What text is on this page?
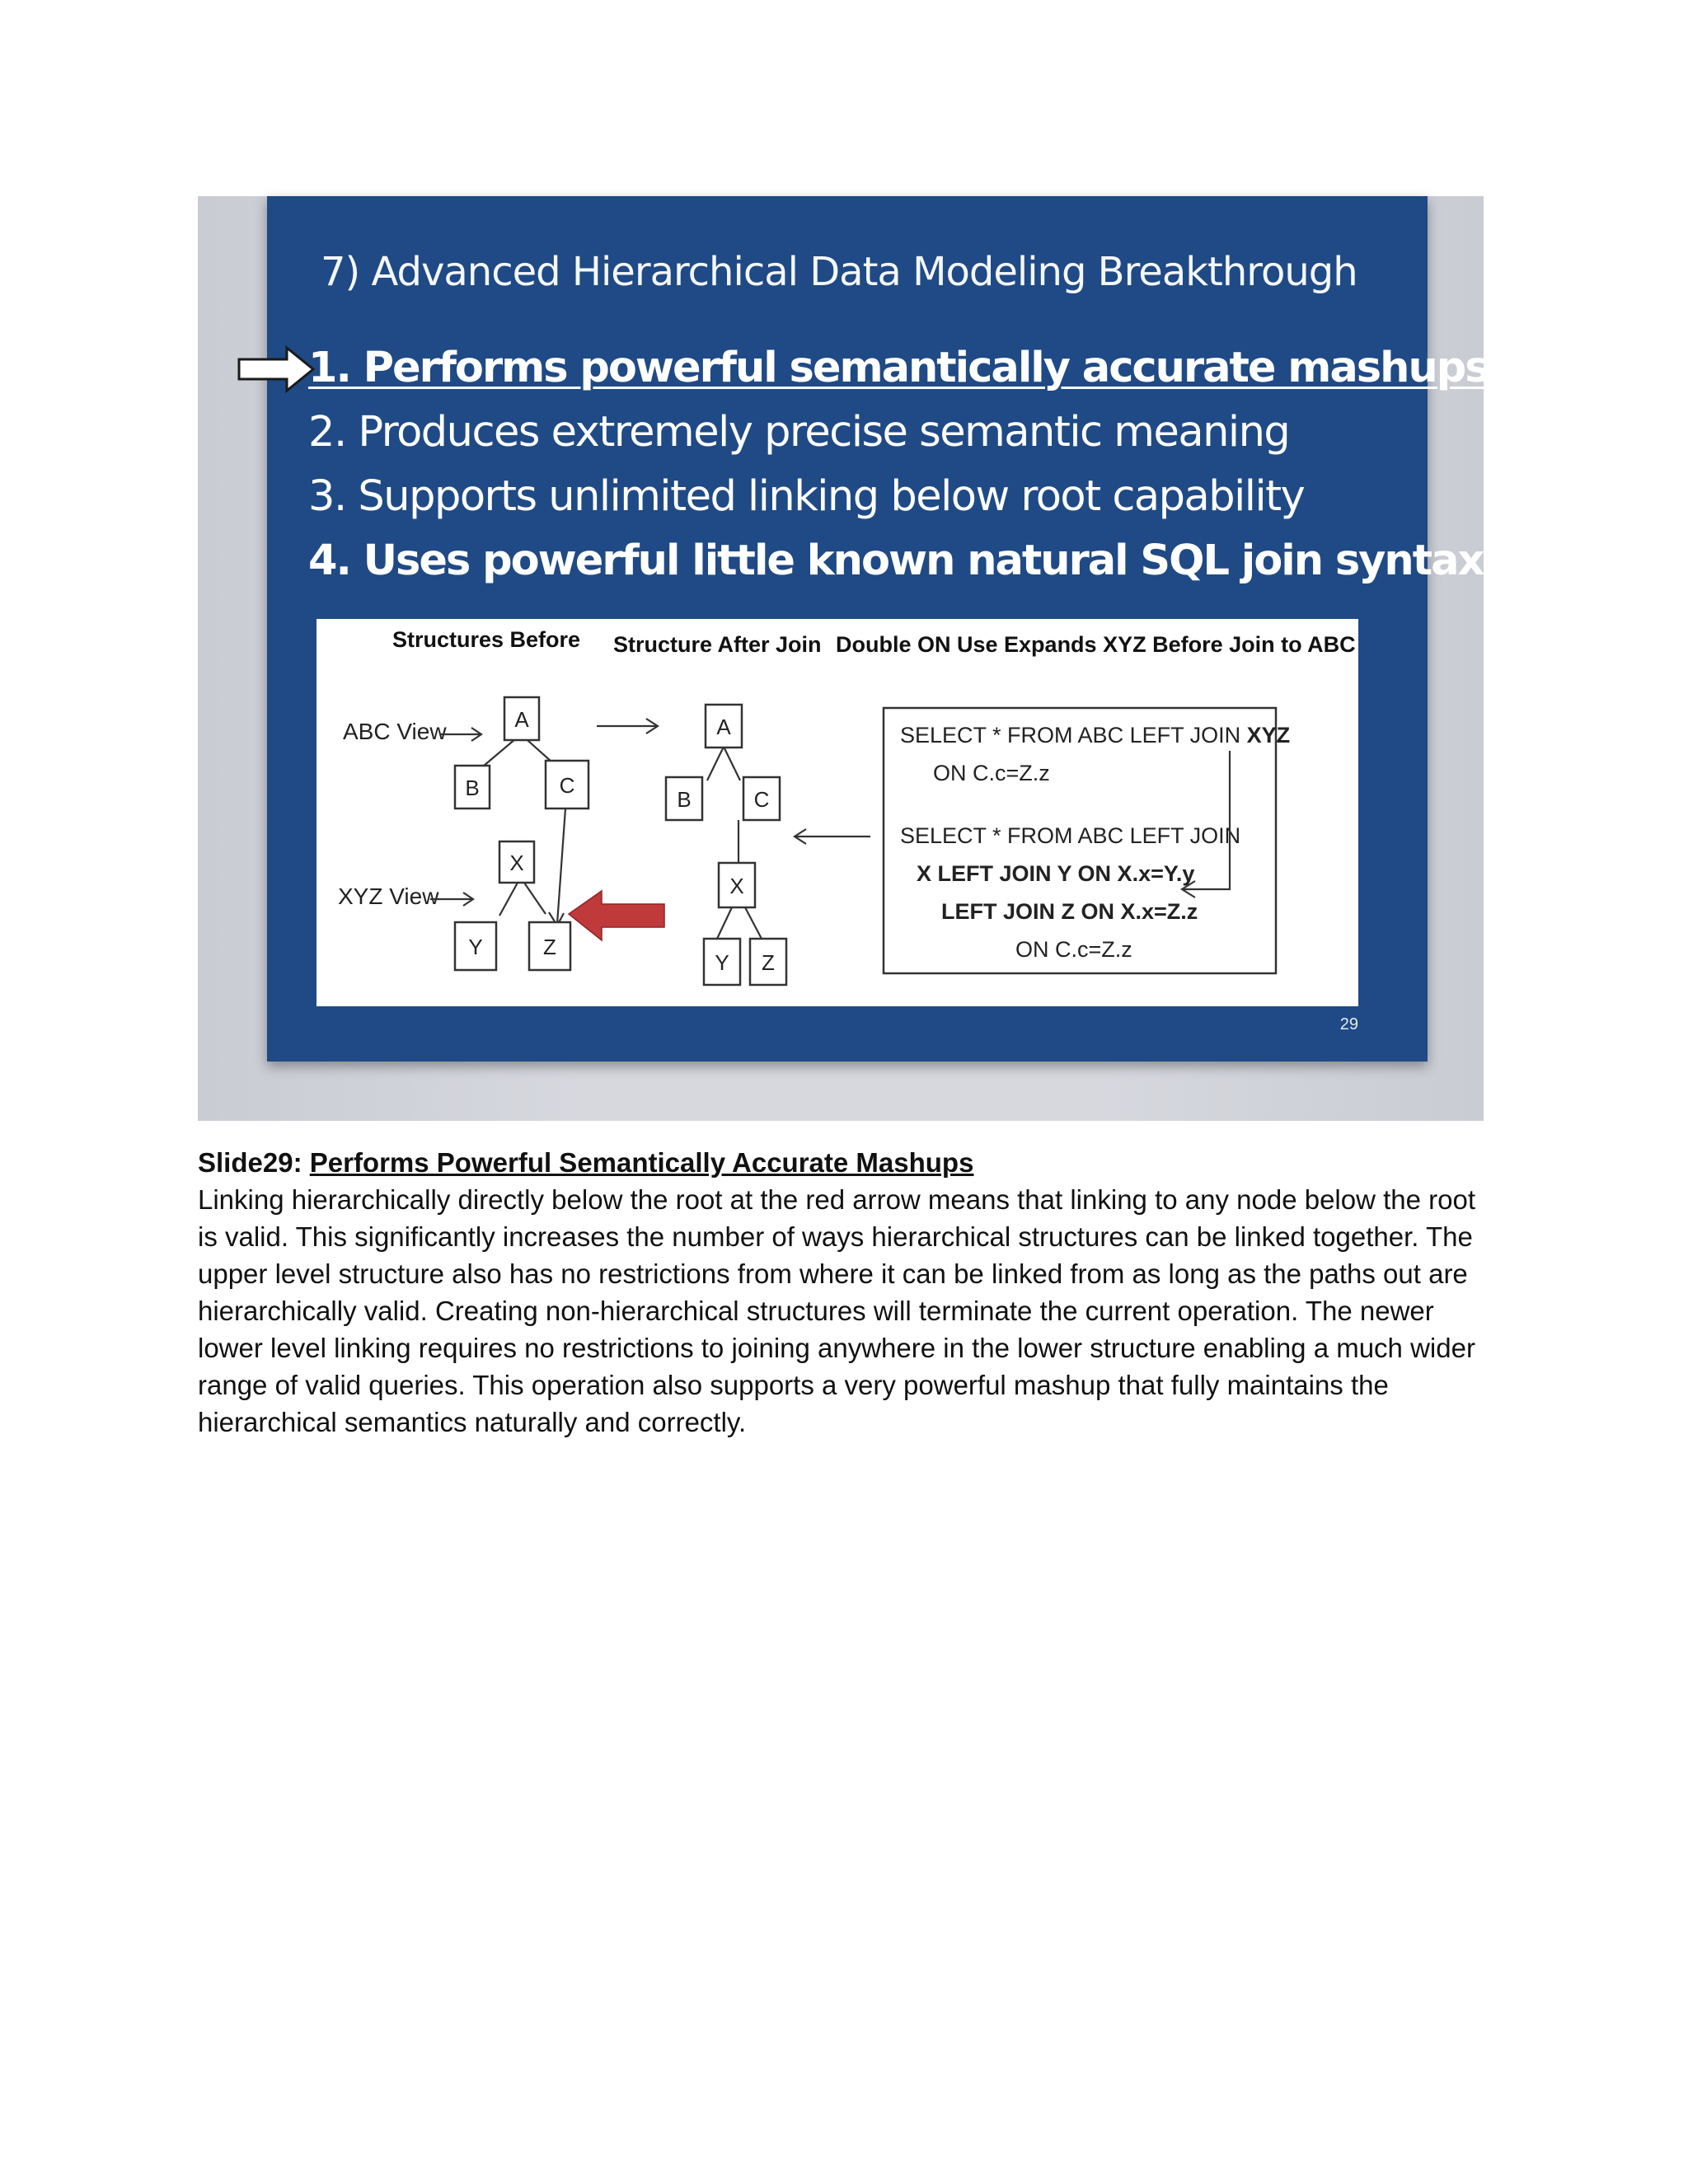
7) Advanced Hierarchical Data Modeling Breakthrough
1. Performs powerful semantically accurate mashups
2. Produces extremely precise semantic meaning
3. Supports unlimited linking below root capability
4. Uses powerful little known natural SQL join syntax
Structures Before Structure After Join Double ON Use Expands XYZ Before Join to ABC
ABC View	A
B	C
XYZ View
X
Y	Z
A
B	C
X
Y Z
SELECT * FROM ABC LEFT JOIN XYZ
ON C.c=Z.z
SELECT * FROM ABC LEFT JOIN
X LEFT JOIN Y ON X.x=Y.y
LEFT JOIN Z ON X.x=Z.z
ON C.c=Z.z
29
Slide29: Performs Powerful Semantically Accurate Mashups

Linking hierarchically directly below the root at the red arrow means that linking to any node below the root is valid. This significantly increases the number of ways hierarchical structures can be linked together. The upper level structure also has no restrictions from where it can be linked from as long as the paths out are hierarchically valid. Creating non-hierarchical structures will terminate the current operation. The newer lower level linking requires no restrictions to joining anywhere in the lower structure enabling a much wider range of valid queries. This operation also supports a very powerful mashup that fully maintains the hierarchical semantics naturally and correctly.
